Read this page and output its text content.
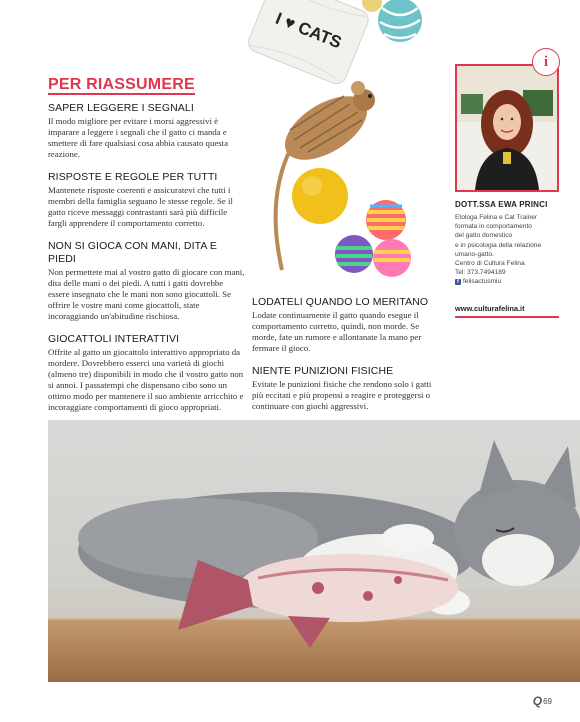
PER RIASSUMERE
SAPER LEGGERE I SEGNALI

Il modo migliore per evitare i morsi aggressivi è imparare a leggere i segnali che il gatto ci manda e smettere di fare qualsiasi cosa abbia causato questa reazione.

RISPOSTE E REGOLE PER TUTTI

Mantenete risposte coerenti e assicuratevi che tutti i membri della famiglia seguano le stesse regole. Se il gatto riceve messaggi contrastanti sarà più difficile fargli apprendere il comportamento corretto.

NON SI GIOCA CON MANI, DITA E PIEDI

Non permettete mai al vostro gatto di giocare con mani, dita delle mani o dei piedi. A tutti i gatti dovrebbe essere insegnato che le mani non sono giocattoli. Se offrire le vostre mani come giocattoli, state incoraggiando un'abitudine rischiosa.

GIOCATTOLI INTERATTIVI

Offrite al gatto un giocattolo interattivo appropriato da mordere. Dovrebbero esserci una varietà di giochi (almeno tre) disponibili in modo che il vostro gatto non si annoi. I passatempi che dispensano cibo sono un ottimo modo per mantenere il suo ambiente arricchito e incoraggiare comportamenti di gioco appropriati.

I ♥ CATS
LODATELI QUANDO LO MERITANO

Lodate continuamente il gatto quando esegue il comportamento corretto, quindi, non morde. Se morde, fate un rumore e allontanate la mano per fermare il gioco.

NIENTE PUNIZIONI FISICHE

Evitate le punizioni fisiche che rendono solo i gatti più eccitati e più propensi a reagire e proteggersi o continuare con giochi aggressivi.

i
DOTT.SSA EWA PRINCI
Etologa Felina e Cat Trainer
formata in comportamento
del gatto domestico
e in psicologia della relazione
umano-gatto.
Centro di Cultura Felina
Tel: 373.7494189
f felisactusmiu
www.culturafelina.it
Q 69
